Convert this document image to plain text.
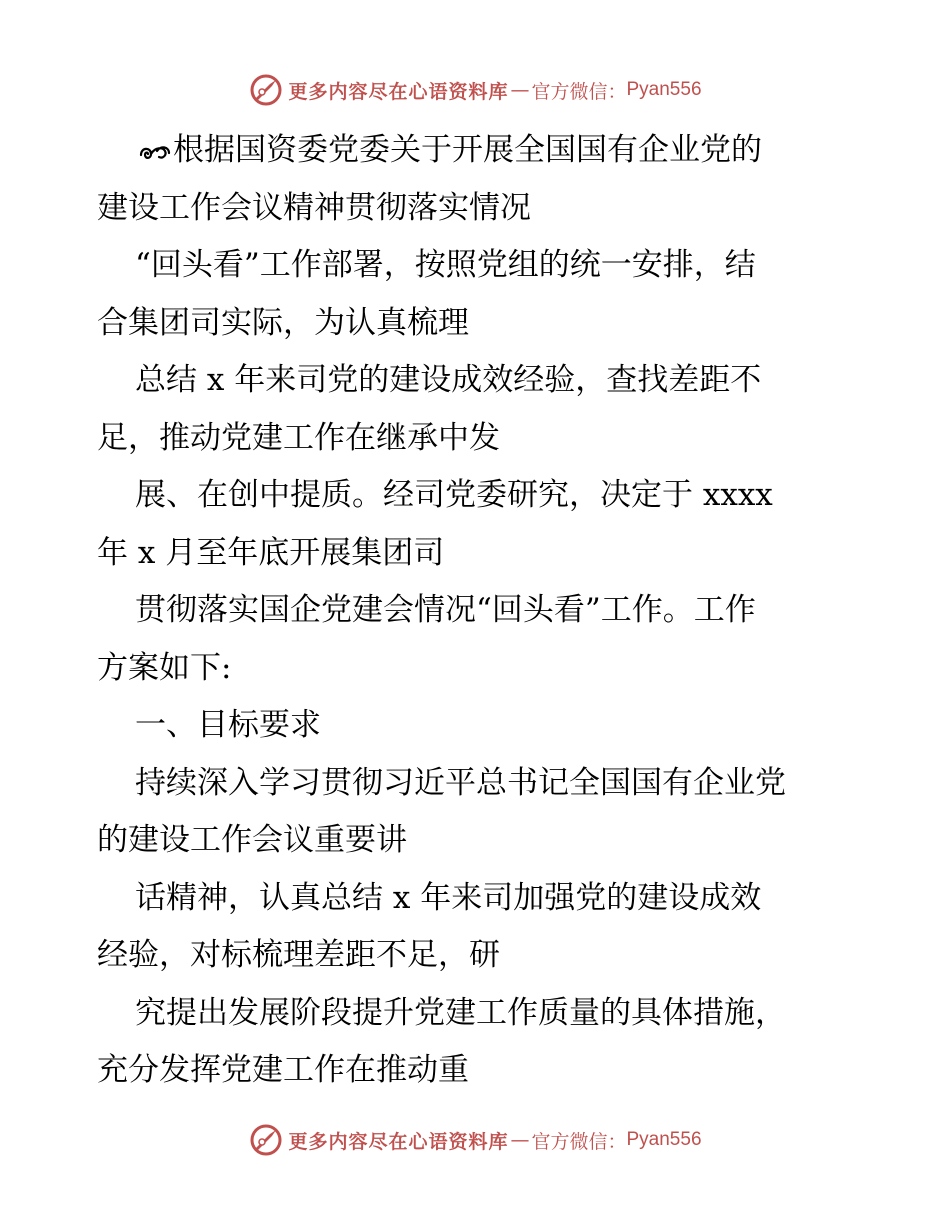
更多内容尽在心语资料库 — 官方微信： Pyan556
根据国资委党委关于开展全国国有企业党的
建设工作会议精神贯彻落实情况
“回头看”工作部署，按照党组的统一安排，结
合集团司实际，为认真梳理
总结 x 年来司党的建设成效经验，查找差距不
足，推动党建工作在继承中发
展、在创中提质。经司党委研究，决定于 xxxx
年 x 月至年底开展集团司
贯彻落实国企党建会情况“回头看”工作。工作
方案如下:
一、目标要求
持续深入学习贯彻习近平总书记全国国有企业党
的建设工作会议重要讲
话精神，认真总结 x 年来司加强党的建设成效
经验，对标梳理差距不足，研
究提出发展阶段提升党建工作质量的具体措施，
充分发挥党建工作在推动重
更多内容尽在心语资料库 — 官方微信： Pyan556
